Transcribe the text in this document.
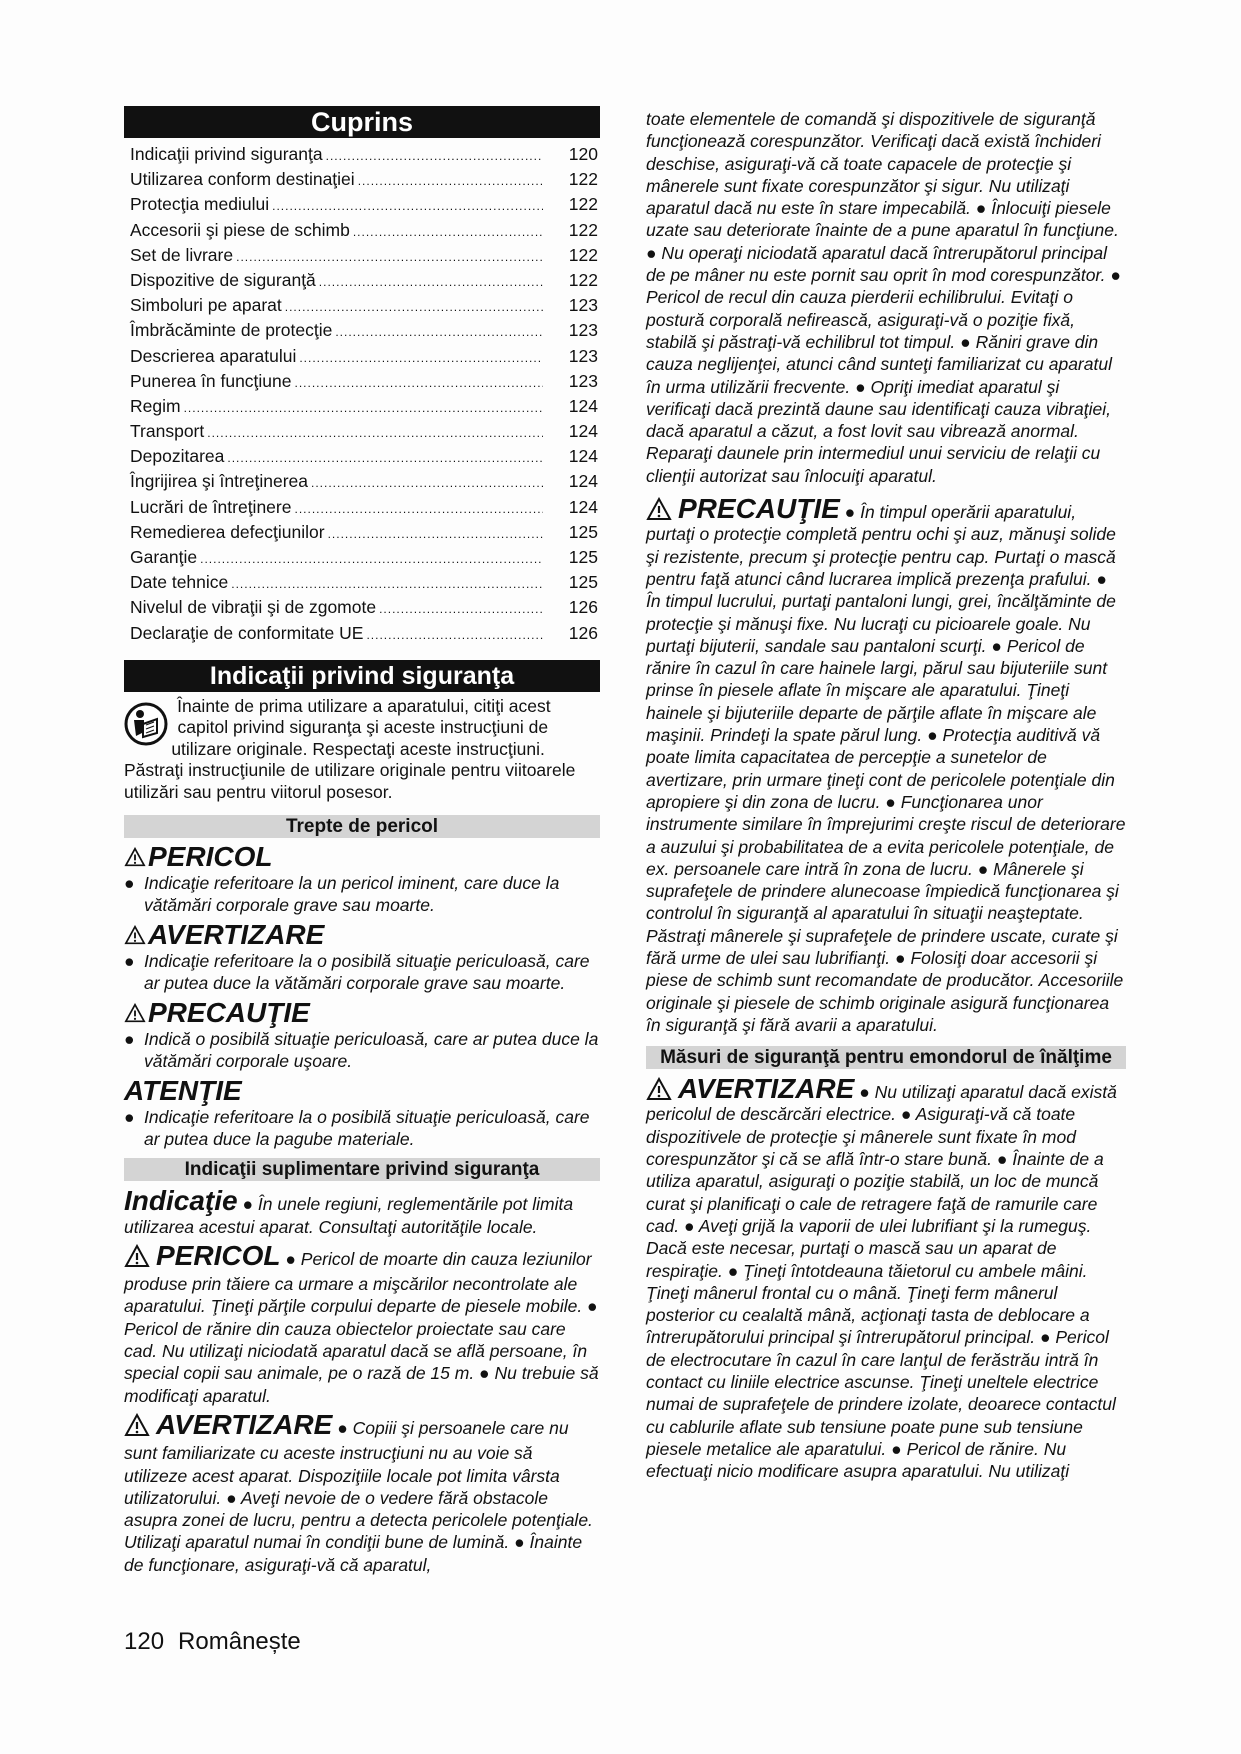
Cuprins
Indicaţii privind siguranţa .....	120
Utilizarea conform destinaţiei .....	122
Protecţia mediului .....	122
Accesorii şi piese de schimb .....	122
Set de livrare .....	122
Dispozitive de siguranţă .....	122
Simboluri pe aparat .....	123
Îmbrăcăminte de protecţie .....	123
Descrierea aparatului .....	123
Punerea în funcţiune .....	123
Regim .....	124
Transport .....	124
Depozitarea .....	124
Îngrijirea şi întreţinerea .....	124
Lucrări de întreţinere .....	124
Remedierea defecţiunilor .....	125
Garanţie .....	125
Date tehnice .....	125
Nivelul de vibraţii şi de zgomote .....	126
Declaraţie de conformitate UE .....	126
Indicaţii privind siguranţa

Înainte de prima utilizare a aparatului, citiţi acest capitol privind siguranţa şi aceste instrucţiuni de utilizare originale. Respectaţi aceste instrucţiuni. Păstraţi instrucţiunile de utilizare originale pentru viitoarele utilizări sau pentru viitorul posesor.

Trepte de pericol
PERICOL
● Indicaţie referitoare la un pericol iminent, care duce la vătămări corporale grave sau moarte.
AVERTIZARE
● Indicaţie referitoare la o posibilă situaţie periculoasă, care ar putea duce la vătămări corporale grave sau moarte.
PRECAUŢIE
● Indică o posibilă situaţie periculoasă, care ar putea duce la vătămări corporale uşoare.
ATENŢIE
● Indicaţie referitoare la o posibilă situaţie periculoasă, care ar putea duce la pagube materiale.
Indicaţii suplimentare privind siguranţa

Indicaţie ● În unele regiuni, reglementările pot limita utilizarea acestui aparat. Consultaţi autorităţile locale.

PERICOL ● Pericol de moarte din cauza leziunilor produse prin tăiere ca urmare a mişcărilor necontrolate ale aparatului. Ţineţi părţile corpului departe de piesele mobile. ● Pericol de rănire din cauza obiectelor proiectate sau care cad. Nu utilizaţi niciodată aparatul dacă se află persoane, în special copii sau animale, pe o rază de 15 m. ● Nu trebuie să modificaţi aparatul.

AVERTIZARE ● Copiii şi persoanele care nu sunt familiarizate cu aceste instrucţiuni nu au voie să utilizeze acest aparat. Dispoziţiile locale pot limita vârsta utilizatorului. ● Aveţi nevoie de o vedere fără obstacole asupra zonei de lucru, pentru a detecta pericolele potenţiale. Utilizaţi aparatul numai în condiţii bune de lumină. ● Înainte de funcţionare, asiguraţi-vă că aparatul,

toate elementele de comandă şi dispozitivele de siguranţă funcţionează corespunzător. Verificaţi dacă există închideri deschise, asiguraţi-vă că toate capacele de protecţie şi mânerele sunt fixate corespunzător şi sigur. Nu utilizaţi aparatul dacă nu este în stare impecabilă. ● Înlocuiţi piesele uzate sau deteriorate înainte de a pune aparatul în funcţiune. ● Nu operaţi niciodată aparatul dacă întrerupătorul principal de pe mâner nu este pornit sau oprit în mod corespunzător. ● Pericol de recul din cauza pierderii echilibrului. Evitaţi o postură corporală nefirească, asiguraţi-vă o poziţie fixă, stabilă şi păstraţi-vă echilibrul tot timpul. ● Răniri grave din cauza neglijenţei, atunci când sunteţi familiarizat cu aparatul în urma utilizării frecvente. ● Opriţi imediat aparatul şi verificaţi dacă prezintă daune sau identificaţi cauza vibraţiei, dacă aparatul a căzut, a fost lovit sau vibrează anormal. Reparaţi daunele prin intermediul unui serviciu de relaţii cu clienţii autorizat sau înlocuiţi aparatul.

PRECAUŢIE ● În timpul operării aparatului, purtaţi o protecţie completă pentru ochi şi auz, mănuşi solide şi rezistente, precum şi protecţie pentru cap. Purtaţi o mască pentru faţă atunci când lucrarea implică prezenţa prafului. ● În timpul lucrului, purtaţi pantaloni lungi, grei, încălţăminte de protecţie şi mănuşi fixe. Nu lucraţi cu picioarele goale. Nu purtaţi bijuterii, sandale sau pantaloni scurţi. ● Pericol de rănire în cazul în care hainele largi, părul sau bijuteriile sunt prinse în piesele aflate în mişcare ale aparatului. Ţineţi hainele şi bijuteriile departe de părţile aflate în mişcare ale maşinii. Prindeţi la spate părul lung. ● Protecţia auditivă vă poate limita capacitatea de percepţie a sunetelor de avertizare, prin urmare ţineţi cont de pericolele potenţiale din apropiere şi din zona de lucru. ● Funcţionarea unor instrumente similare în împrejurimi creşte riscul de deteriorare a auzului şi probabilitatea de a evita pericolele potenţiale, de ex. persoanele care intră în zona de lucru. ● Mânerele şi suprafeţele de prindere alunecoase împiedică funcţionarea şi controlul în siguranţă al aparatului în situaţii neaşteptate. Păstraţi mânerele şi suprafeţele de prindere uscate, curate şi fără urme de ulei sau lubrifianţi. ● Folosiţi doar accesorii şi piese de schimb sunt recomandate de producător. Accesoriile originale şi piesele de schimb originale asigură funcţionarea în siguranţă şi fără avarii a aparatului.

Măsuri de siguranţă pentru emondorul de înălţime

AVERTIZARE ● Nu utilizaţi aparatul dacă există pericolul de descărcări electrice. ● Asiguraţi-vă că toate dispozitivele de protecţie şi mânerele sunt fixate în mod corespunzător şi că se află într-o stare bună. ● Înainte de a utiliza aparatul, asiguraţi o poziţie stabilă, un loc de muncă curat şi planificaţi o cale de retragere faţă de ramurile care cad. ● Aveţi grijă la vaporii de ulei lubrifiant şi la rumeguş. Dacă este necesar, purtaţi o mască sau un aparat de respiraţie. ● Ţineţi întotdeauna tăietorul cu ambele mâini. Ţineţi mânerul frontal cu o mână. Ţineţi ferm mânerul posterior cu cealaltă mână, acţionaţi tasta de deblocare a întrerupătorului principal şi întrerupătorul principal. ● Pericol de electrocutare în cazul în care lanţul de ferăstrău intră în contact cu liniile electrice ascunse. Ţineţi uneltele electrice numai de suprafeţele de prindere izolate, deoarece contactul cu cablurile aflate sub tensiune poate pune sub tensiune piesele metalice ale aparatului. ● Pericol de rănire. Nu efectuaţi nicio modificare asupra aparatului. Nu utilizaţi

120 Românește
